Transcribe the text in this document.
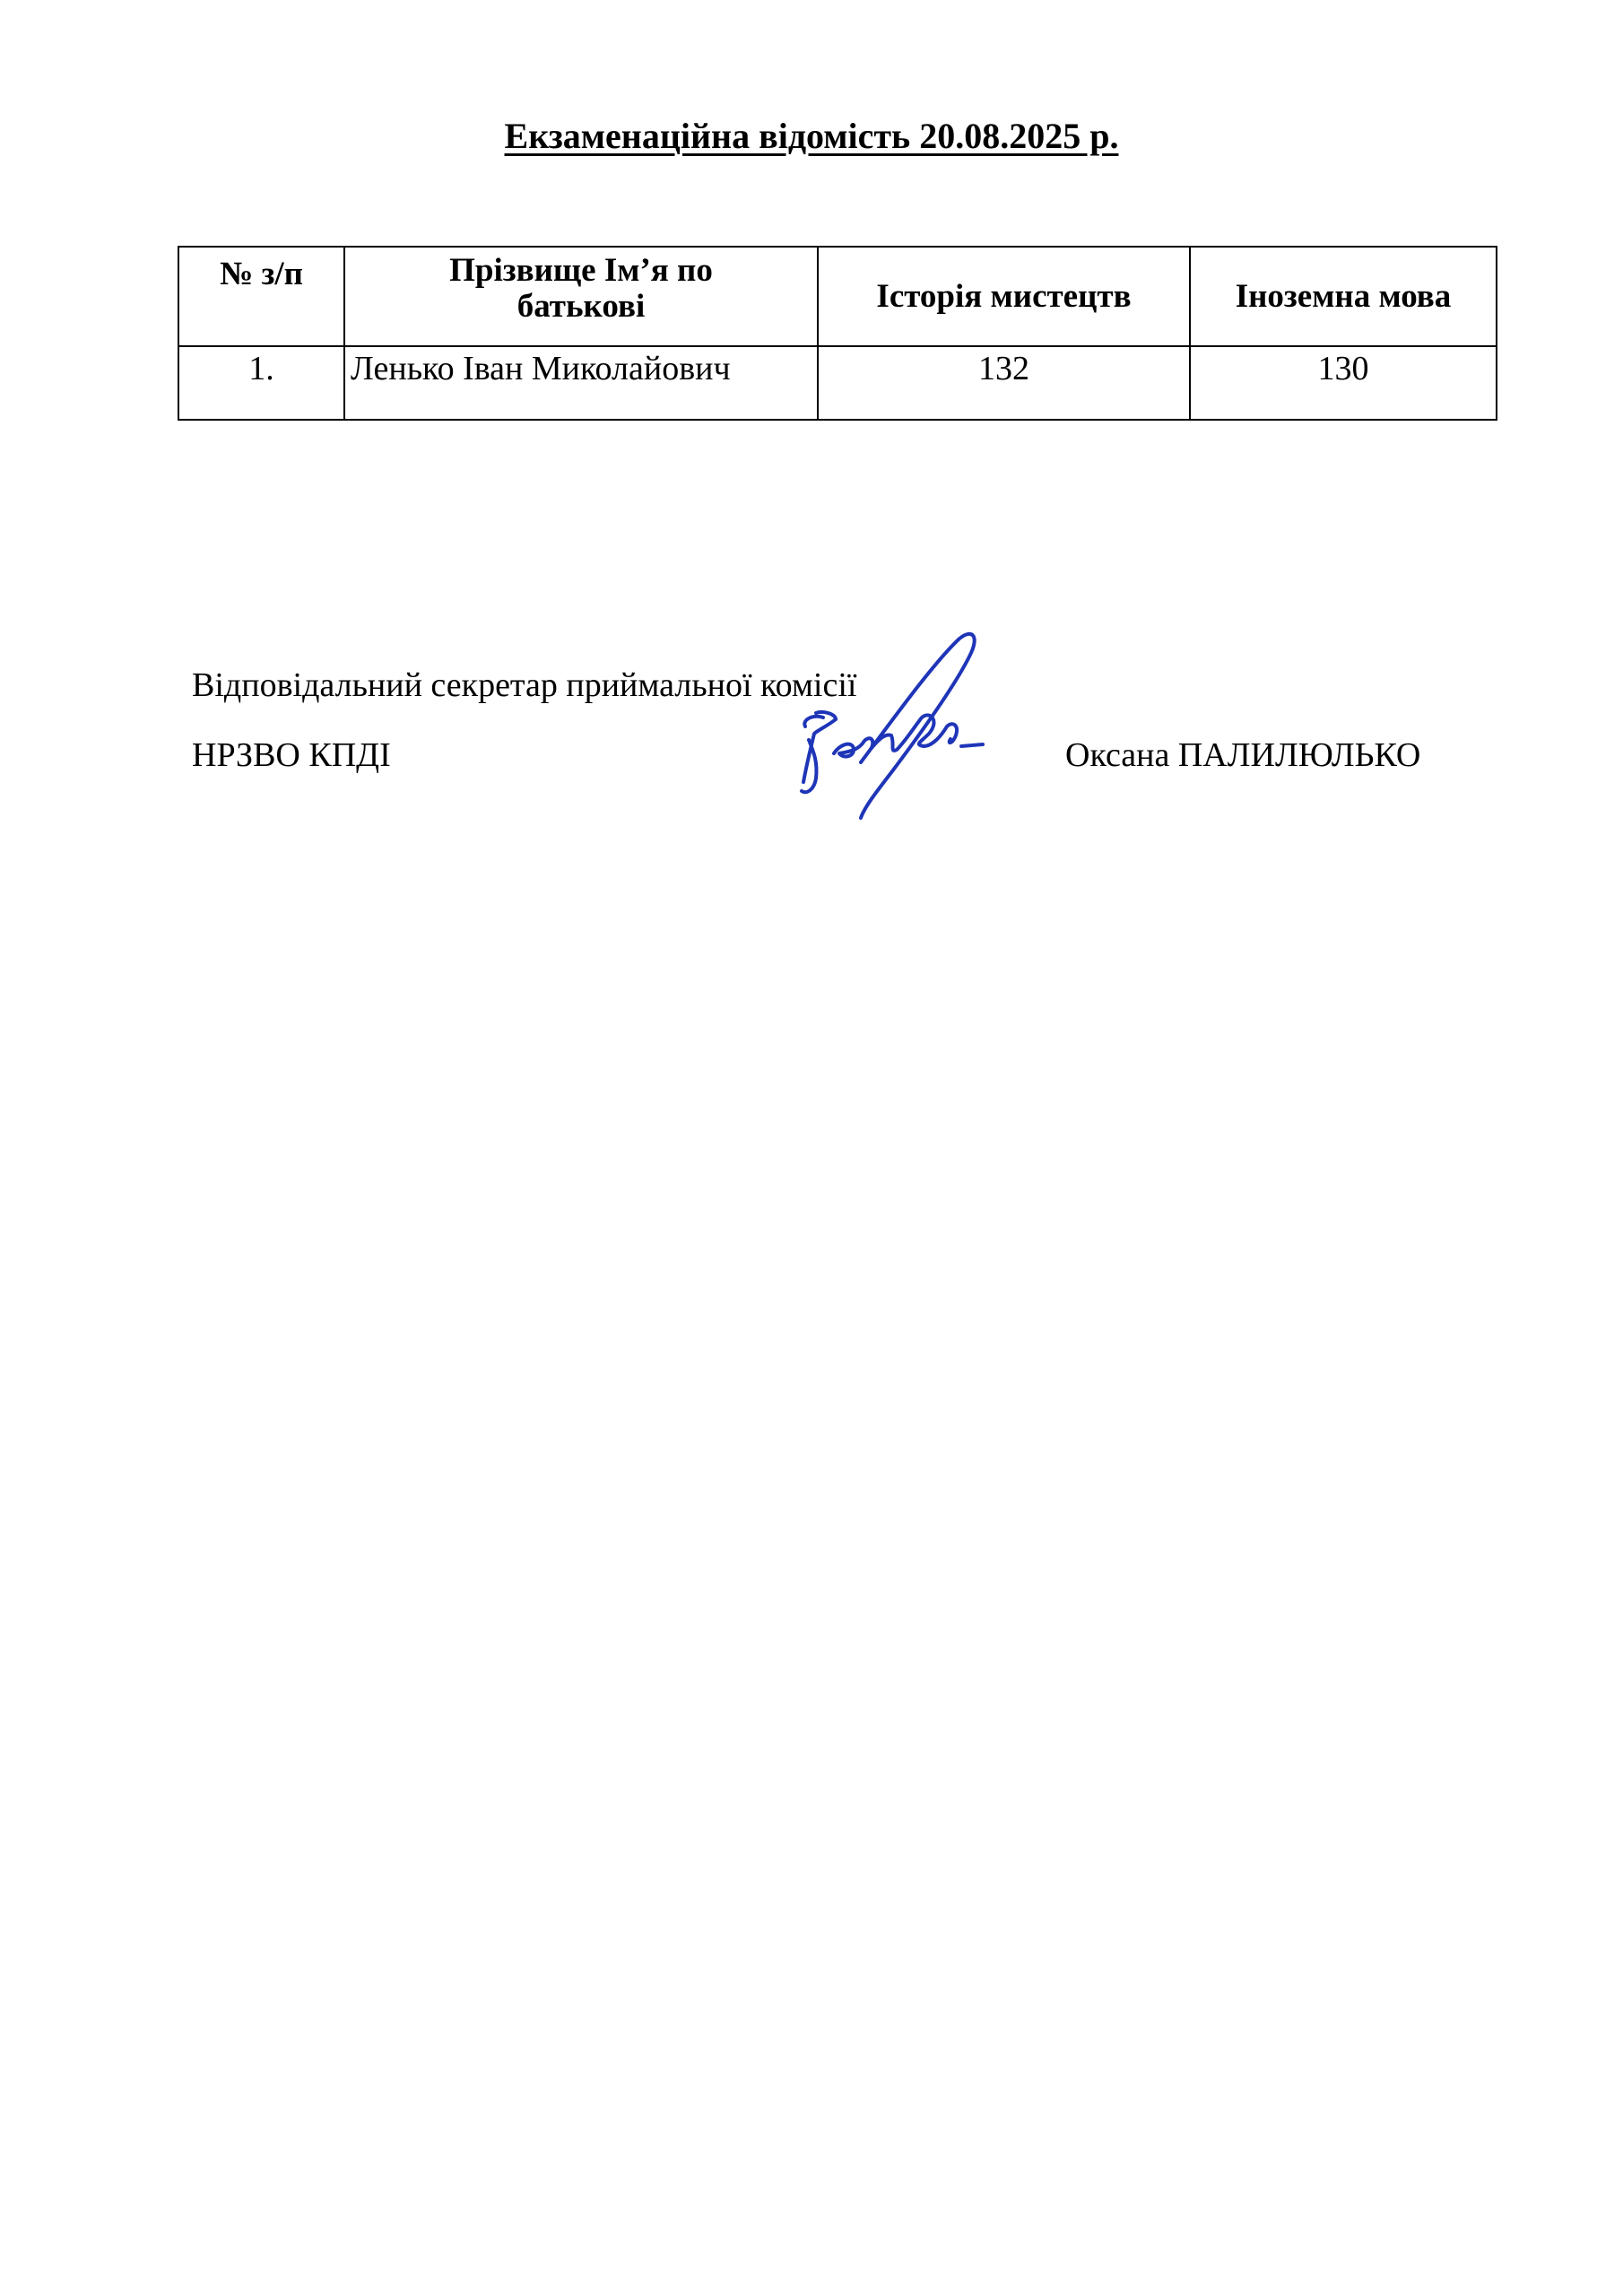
Екзаменаційна відомість 20.08.2025 р.
№ з/п	Прізвище Ім’я по
батькові	Історія мистецтв	Іноземна мова
1.	Ленько Іван Миколайович	132	130
Відповідальний секретар приймальної комісії
НРЗВО КПДІ	Оксана ПАЛИЛЮЛЬКО
